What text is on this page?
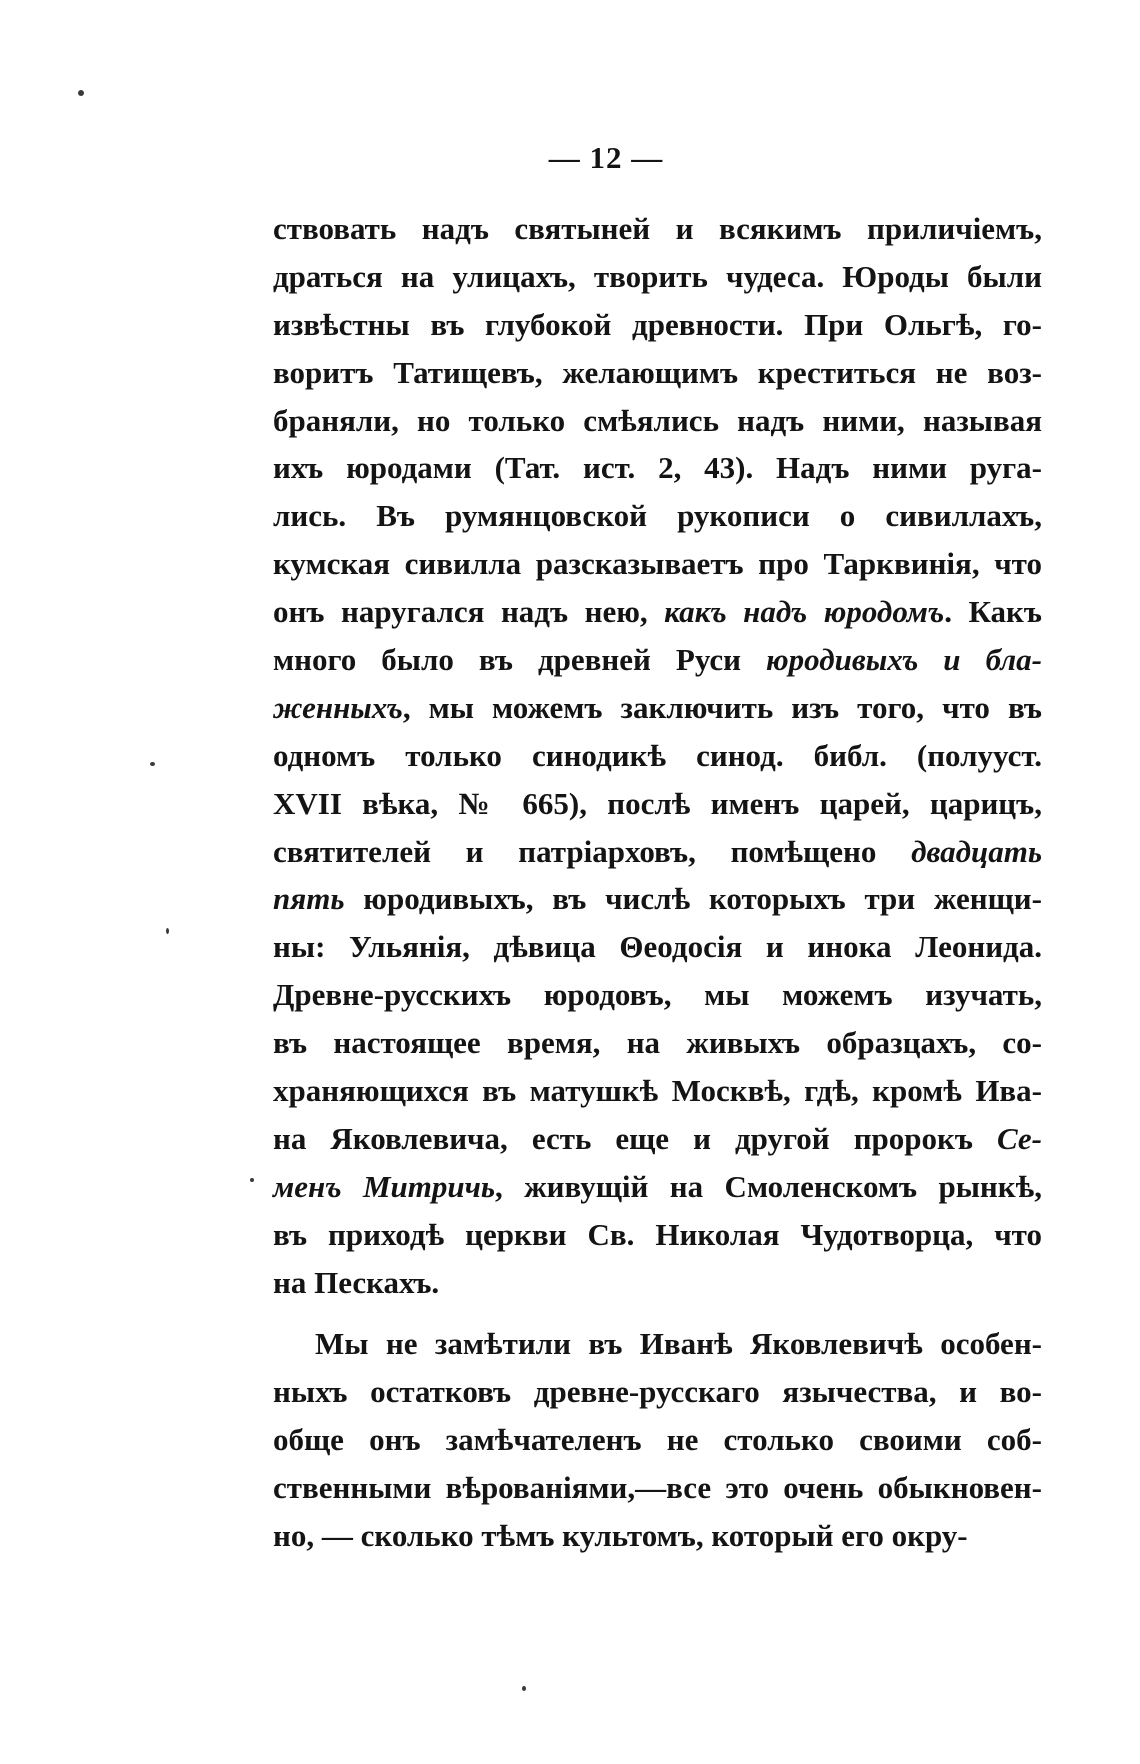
— 12 —
ствовать надъ святыней и всякимъ приличіемъ,
драться на улицахъ, творить чудеса. Юроды были
извѣстны въ глубокой древности. При Ольгѣ, го-
воритъ Татищевъ, желающимъ креститься не воз-
браняли, но только смѣялись надъ ними, называя
ихъ юродами (Тат. ист. 2, 43). Надъ ними руга-
лись. Въ румянцовской рукописи о сивиллахъ,
кумская сивилла разсказываетъ про Тарквинія, что
онъ наругался надъ нею, какъ надъ юродомъ. Какъ
много было въ древней Руси юродивыхъ и бла-
женныхъ, мы можемъ заключить изъ того, что въ
одномъ только синодикѣ синод. библ. (полууст.
XVII вѣка, № 665), послѣ именъ царей, царицъ,
святителей и патріарховъ, помѣщено двадцать
пять юродивыхъ, въ числѣ которыхъ три женщи-
ны: Ульянія, дѣвица Θеодосія и инока Леонида.
Древне-русскихъ юродовъ, мы можемъ изучать,
въ настоящее время, на живыхъ образцахъ, со-
храняющихся въ матушкѣ Москвѣ, гдѣ, кромѣ Ива-
на Яковлевича, есть еще и другой пророкъ Се-
менъ Митричь, живущій на Смоленскомъ рынкѣ,
въ приходѣ церкви Св. Николая Чудотворца, что
на Пескахъ.
Мы не замѣтили въ Иванѣ Яковлевичѣ особен-
ныхъ остатковъ древне-русскаго язычества, и во-
обще онъ замѣчателенъ не столько своими соб-
ственными вѣрованіями,—все это очень обыкновен-
но, — сколько тѣмъ культомъ, который его окру-
